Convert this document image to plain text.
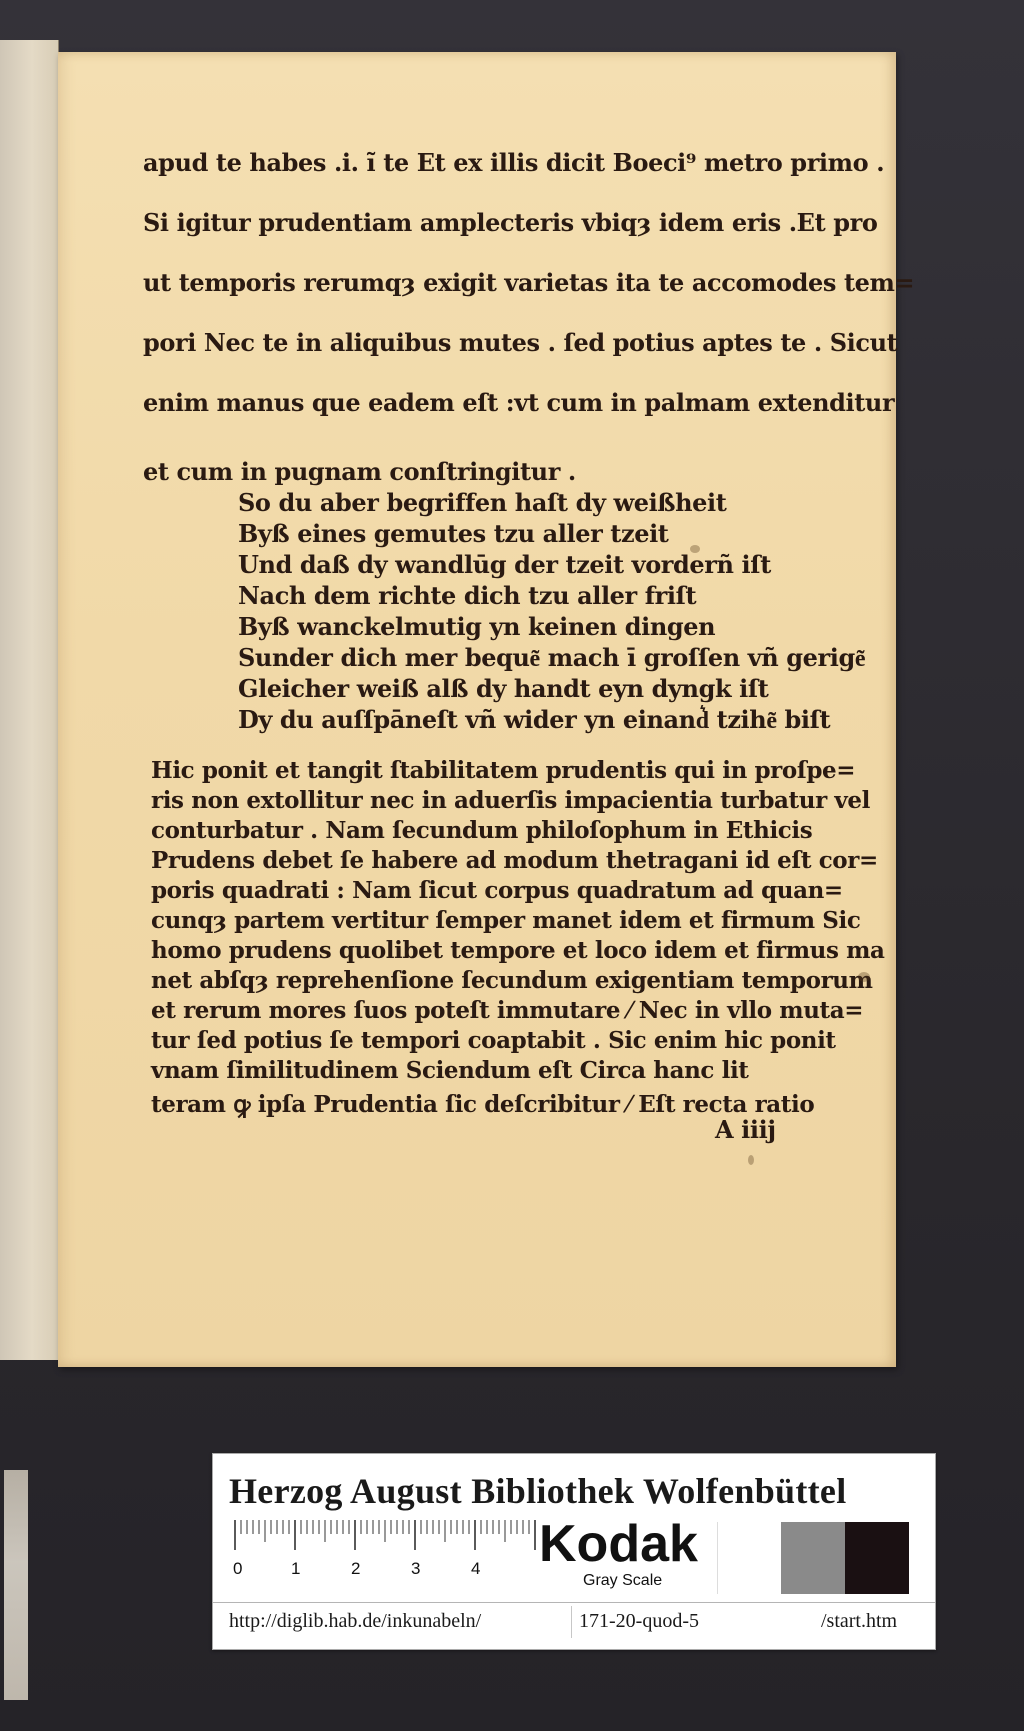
apud te habes .i. ĩ te Et ex illis dicit Boeci⁹ metro primo .
Si igitur prudentiam amplecteris vbiqȝ idem eris .Et pro
ut temporis rerumqȝ exigit varietas ita te accomodes tem=
pori Nec te in aliquibus mutes . ſed potius aptes te . Sicut
enim manus que eadem eſt :vt cum in palmam extenditur
et cum in pugnam conſtringitur .
So du aber begriffen haſt dy weißheit
Byß eines gemutes tzu aller tzeit
Und daß dy wandlūg der tzeit vorderñ iſt
Nach dem richte dich tzu aller friſt
Byß wanckelmutig yn keinen dingen
Sunder dich mer beque͂ mach ī groſſen vñ gerige͂
Gleicher weiß alß dy handt eyn dyngk iſt
Dy du auſſpāneſt vñ wider yn einand͛ tzihe͂ biſt
Hic ponit et tangit ſtabilitatem prudentis qui in proſpe=
ris non extollitur nec in aduerſis impacientia turbatur vel
conturbatur . Nam ſecundum philoſophum in Ethicis
Prudens debet ſe habere ad modum thetragani id eſt cor=
poris quadrati : Nam ſicut corpus quadratum ad quan=
cunqȝ partem vertitur ſemper manet idem et firmum Sic
homo prudens quolibet tempore et loco idem et firmus ma
net abſqȝ reprehenſione ſecundum exigentiam temporum
et rerum mores ſuos poteſt immutare ⁄ Nec in vllo muta=
tur ſed potius ſe tempori coaptabit . Sic enim hic ponit
vnam ſimilitudinem Sciendum eſt Circa hanc lit
teram ꝙ ipſa Prudentia ſic deſcribitur ⁄ Eſt recta ratio
A iiij
Herzog August Bibliothek Wolfenbüttel
0	1	2	3	4 Kodak
Gray Scale
http://diglib.hab.de/inkunabeln/	171-20-quod-5	/start.htm
